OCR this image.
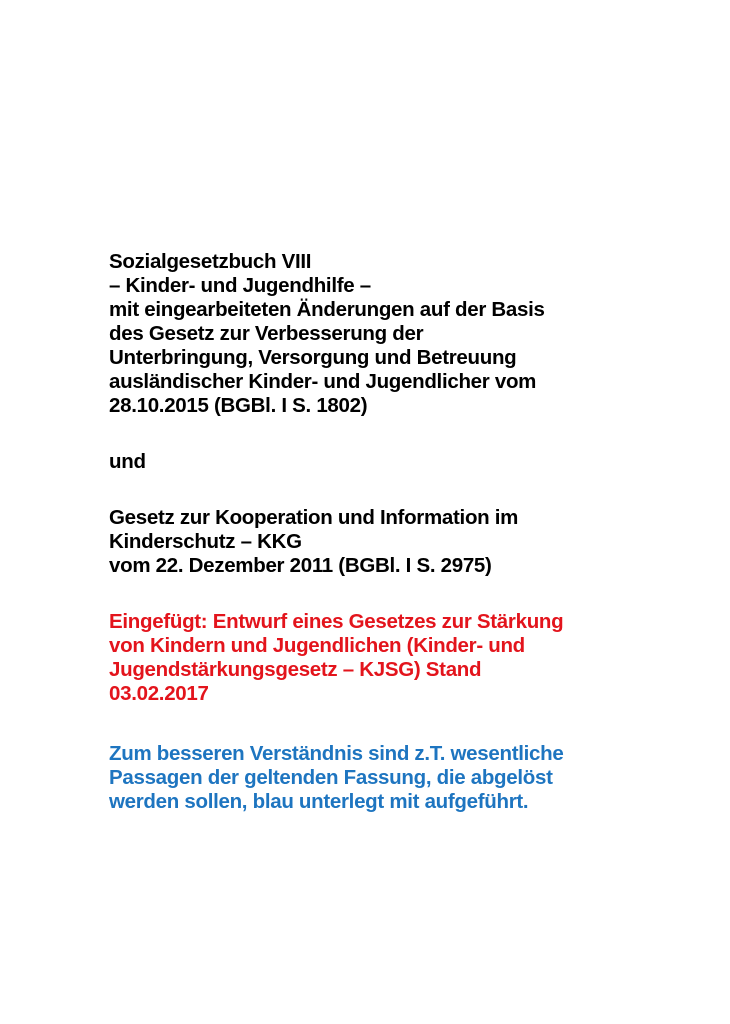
Sozialgesetzbuch VIII
– Kinder- und Jugendhilfe –
mit eingearbeiteten Änderungen auf der Basis
des Gesetz zur Verbesserung der
Unterbringung, Versorgung und Betreuung
ausländischer Kinder- und Jugendlicher vom
28.10.2015 (BGBl. I S. 1802)
und
Gesetz zur Kooperation und Information im
Kinderschutz – KKG
vom 22. Dezember 2011 (BGBl. I S. 2975)
Eingefügt: Entwurf eines Gesetzes zur Stärkung
von Kindern und Jugendlichen (Kinder- und
Jugendstärkungsgesetz – KJSG) Stand
03.02.2017
Zum besseren Verständnis sind z.T. wesentliche
Passagen der geltenden Fassung, die abgelöst
werden sollen, blau unterlegt mit aufgeführt.
